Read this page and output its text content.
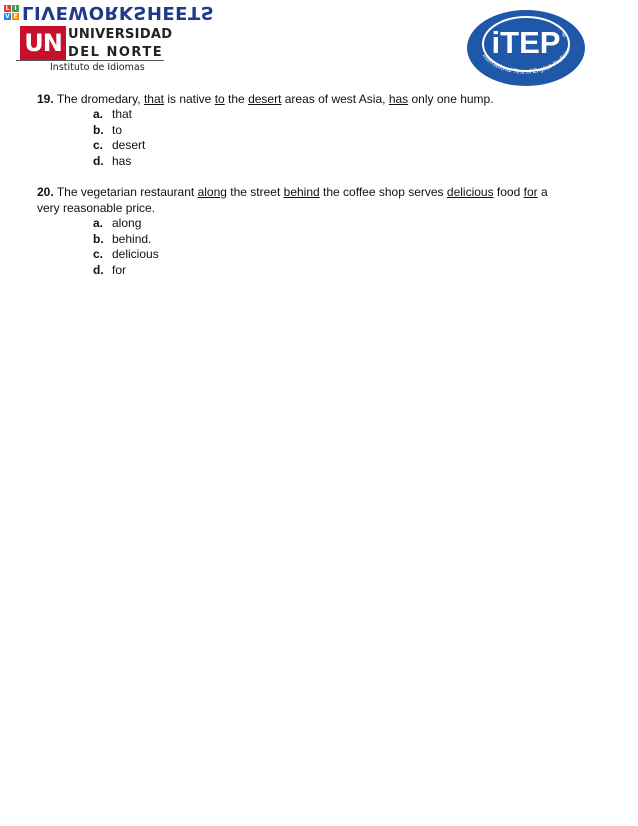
L I
V E LIVEWORKSHEETS
UN UNIVERSIDAD
DEL NORTE
Instituto de Idiomas
iTEP ®
International Test of English Proficien
19. The dromedary, that is native to the desert areas of west Asia, has only one hump.
a. that
b. to
c. desert
d. has
20. The vegetarian restaurant along the street behind the coffee shop serves delicious food for a very reasonable price.
a. along
b. behind.
c. delicious
d. for
